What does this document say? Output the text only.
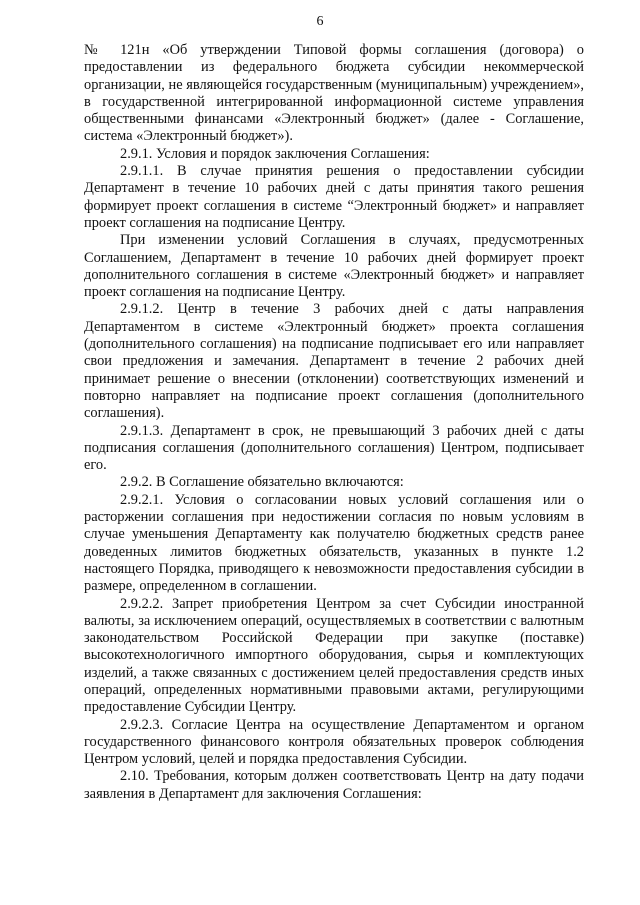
6

№ 121н «Об утверждении Типовой формы соглашения (договора) о предоставлении из федерального бюджета субсидии некоммерческой организации, не являющейся государственным (муниципальным) учреждением», в государственной интегрированной информационной системе управления общественными финансами «Электронный бюджет» (далее - Соглашение, система «Электронный бюджет»).

2.9.1. Условия и порядок заключения Соглашения:

2.9.1.1. В случае принятия решения о предоставлении субсидии Департамент в течение 10 рабочих дней с даты принятия такого решения формирует проект соглашения в системе “Электронный бюджет» и направляет проект соглашения на подписание Центру.

При изменении условий Соглашения в случаях, предусмотренных Соглашением, Департамент в течение 10 рабочих дней формирует проект дополнительного соглашения в системе «Электронный бюджет» и направляет проект соглашения на подписание Центру.

2.9.1.2. Центр в течение 3 рабочих дней с даты направления Департаментом в системе «Электронный бюджет» проекта соглашения (дополнительного соглашения) на подписание подписывает его или направляет свои предложения и замечания. Департамент в течение 2 рабочих дней принимает решение о внесении (отклонении) соответствующих изменений и повторно направляет на подписание проект соглашения (дополнительного соглашения).

2.9.1.3. Департамент в срок, не превышающий 3 рабочих дней с даты подписания соглашения (дополнительного соглашения) Центром, подписывает его.

2.9.2. В Соглашение обязательно включаются:

2.9.2.1. Условия о согласовании новых условий соглашения или о расторжении соглашения при недостижении согласия по новым условиям в случае уменьшения Департаменту как получателю бюджетных средств ранее доведенных лимитов бюджетных обязательств, указанных в пункте 1.2 настоящего Порядка, приводящего к невозможности предоставления субсидии в размере, определенном в соглашении.

2.9.2.2. Запрет приобретения Центром за счет Субсидии иностранной валюты, за исключением операций, осуществляемых в соответствии с валютным законодательством Российской Федерации при закупке (поставке) высокотехнологичного импортного оборудования, сырья и комплектующих изделий, а также связанных с достижением целей предоставления средств иных операций, определенных нормативными правовыми актами, регулирующими предоставление Субсидии Центру.

2.9.2.3. Согласие Центра на осуществление Департаментом и органом государственного финансового контроля обязательных проверок соблюдения Центром условий, целей и порядка предоставления Субсидии.

2.10. Требования, которым должен соответствовать Центр на дату подачи заявления в Департамент для заключения Соглашения:
